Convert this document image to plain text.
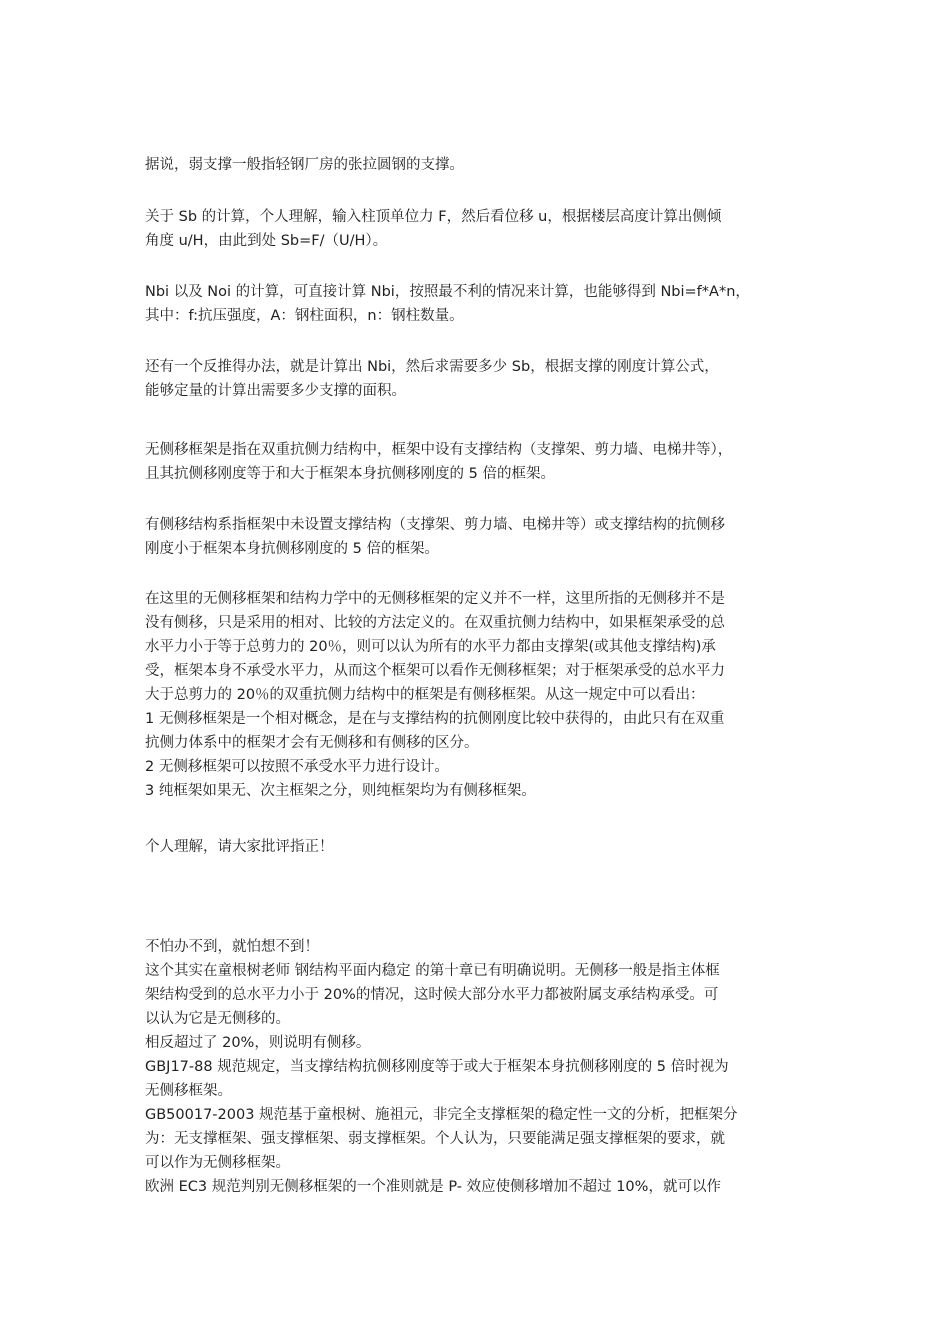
据说，弱支撑一般指轻钢厂房的张拉圆钢的支撑。
关于 Sb 的计算，个人理解，输入柱顶单位力 F，然后看位移 u，根据楼层高度计算出侧倾
角度 u/H，由此到处 Sb=F/（U/H）。
Nbi 以及 Noi 的计算，可直接计算 Nbi，按照最不利的情况来计算，也能够得到 Nbi=f*A*n，
其中：f:抗压强度，A：钢柱面积，n：钢柱数量。
还有一个反推得办法，就是计算出 Nbi，然后求需要多少 Sb，根据支撑的刚度计算公式，
能够定量的计算出需要多少支撑的面积。
无侧移框架是指在双重抗侧力结构中，框架中设有支撑结构（支撑架、剪力墙、电梯井等），
且其抗侧移刚度等于和大于框架本身抗侧移刚度的 5 倍的框架。
有侧移结构系指框架中未设置支撑结构（支撑架、剪力墙、电梯井等）或支撑结构的抗侧移
刚度小于框架本身抗侧移刚度的 5 倍的框架。
在这里的无侧移框架和结构力学中的无侧移框架的定义并不一样，这里所指的无侧移并不是
没有侧移，只是采用的相对、比较的方法定义的。在双重抗侧力结构中，如果框架承受的总
水平力小于等于总剪力的 20％，则可以认为所有的水平力都由支撑架(或其他支撑结构)承
受，框架本身不承受水平力，从而这个框架可以看作无侧移框架；对于框架承受的总水平力
大于总剪力的 20％的双重抗侧力结构中的框架是有侧移框架。从这一规定中可以看出：
1 无侧移框架是一个相对概念，是在与支撑结构的抗侧刚度比较中获得的，由此只有在双重
抗侧力体系中的框架才会有无侧移和有侧移的区分。
2 无侧移框架可以按照不承受水平力进行设计。
3 纯框架如果无、次主框架之分，则纯框架均为有侧移框架。
个人理解，请大家批评指正！
不怕办不到，就怕想不到！
这个其实在童根树老师 钢结构平面内稳定 的第十章已有明确说明。无侧移一般是指主体框
架结构受到的总水平力小于 20%的情况，这时候大部分水平力都被附属支承结构承受。可
以认为它是无侧移的。
相反超过了 20%，则说明有侧移。
GBJ17-88 规范规定，当支撑结构抗侧移刚度等于或大于框架本身抗侧移刚度的 5 倍时视为
无侧移框架。
GB50017-2003 规范基于童根树、施祖元，非完全支撑框架的稳定性一文的分析，把框架分
为：无支撑框架、强支撑框架、弱支撑框架。个人认为，只要能满足强支撑框架的要求，就
可以作为无侧移框架。
欧洲 EC3 规范判别无侧移框架的一个准则就是 P- 效应使侧移增加不超过 10%，就可以作
